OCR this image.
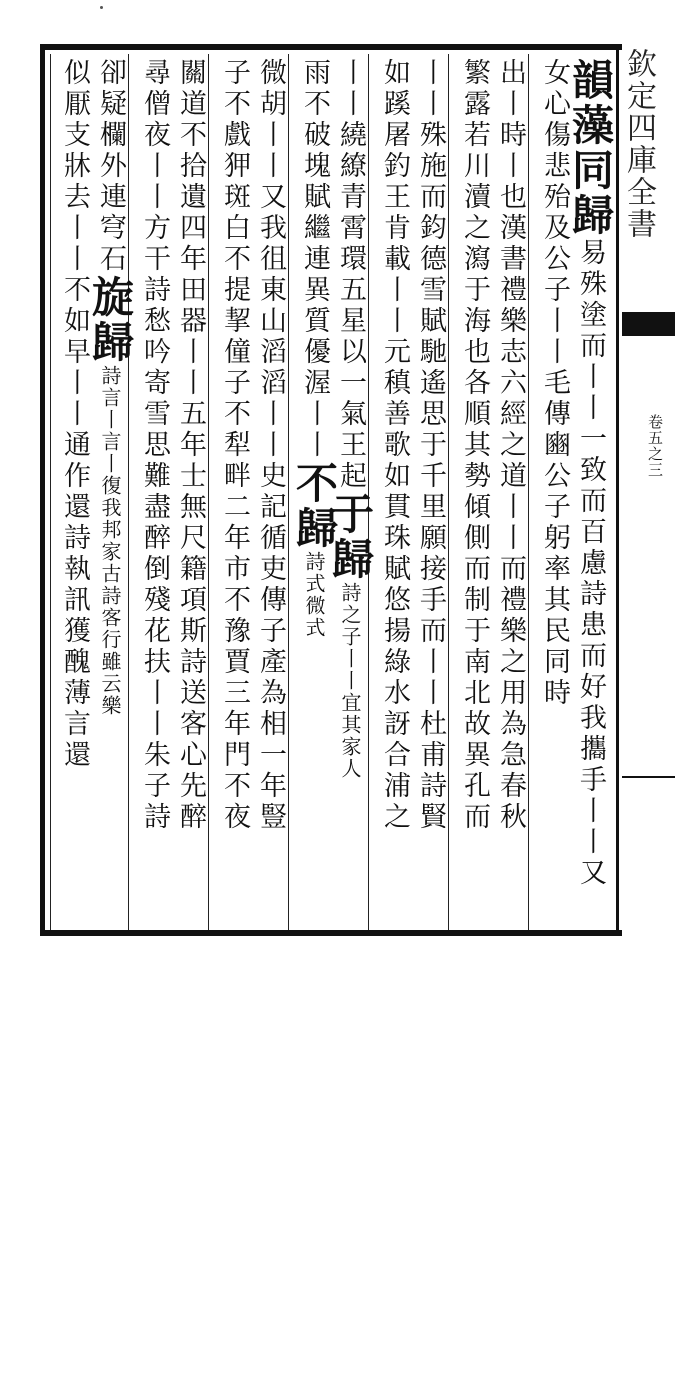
欽定四庫全書
卷五之三
韻藻同歸易殊塗而丨丨一致而百慮詩患而好我攜手丨丨又
女心傷悲殆及公子丨丨毛傳豳公子躬率其民同時
出丨時丨也漢書禮樂志六經之道丨丨而禮樂之用為急春秋
繁露若川瀆之瀉于海也各順其勢傾側而制于南北故異孔而
丨丨殊施而鈞德雪賦馳遙思于千里願接手而丨丨杜甫詩賢
如蹊屠釣王肯載丨丨元稹善歌如貫珠賦悠揚綠水訝合浦之
丨丨繞繚青霄環五星以一氣王起于歸詩之子丨丨宜其家人
雨不破塊賦繼連異質優渥丨丨不歸詩式微式
微胡丨丨又我徂東山滔滔丨丨史記循吏傳子產為相一年豎
子不戲狎斑白不提挈僮子不犁畔二年市不豫賈三年門不夜
關道不拾遺四年田器丨丨五年士無尺籍項斯詩送客心先醉
尋僧夜丨丨方干詩愁吟寄雪思難盡醉倒殘花扶丨丨朱子詩
卻疑欄外連穹石旋歸詩言丨言丨復我邦家古詩客行雖云樂
似厭支牀去丨丨不如早丨丨通作還詩執訊獲醜薄言還
